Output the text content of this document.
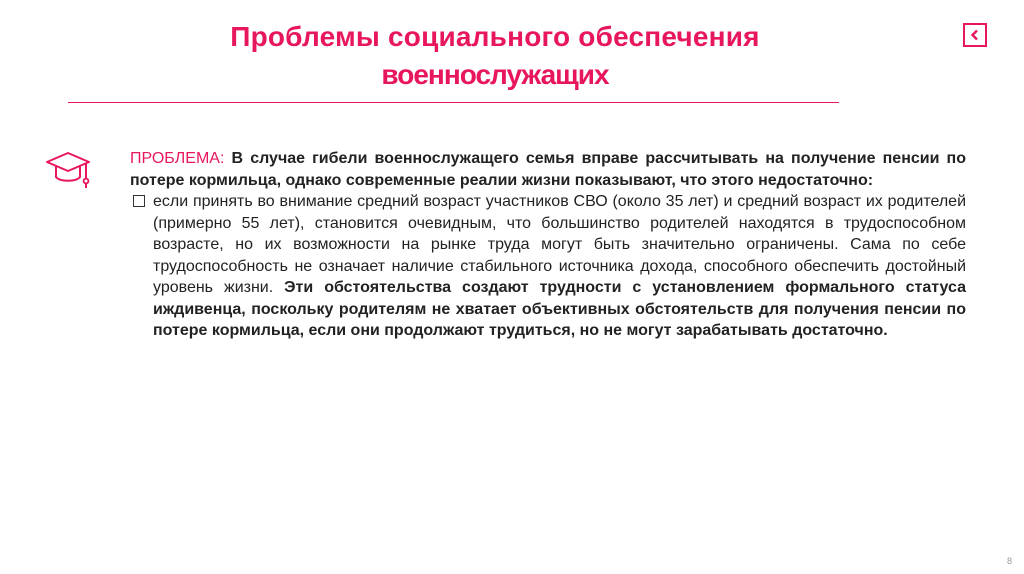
Проблемы социального обеспечения
военнослужащих
ПРОБЛЕМА: В случае гибели военнослужащего семья вправе рассчитывать на получение пенсии по потере кормильца, однако современные реалии жизни показывают, что этого недостаточно:
если принять во внимание средний возраст участников СВО (около 35 лет) и средний возраст их родителей (примерно 55 лет), становится очевидным, что большинство родителей находятся в трудоспособном возрасте, но их возможности на рынке труда могут быть значительно ограничены. Сама по себе трудоспособность не означает наличие стабильного источника дохода, способного обеспечить достойный уровень жизни. Эти обстоятельства создают трудности с установлением формального статуса иждивенца, поскольку родителям не хватает объективных обстоятельств для получения пенсии по потере кормильца, если они продолжают трудиться, но не могут зарабатывать достаточно.
8
